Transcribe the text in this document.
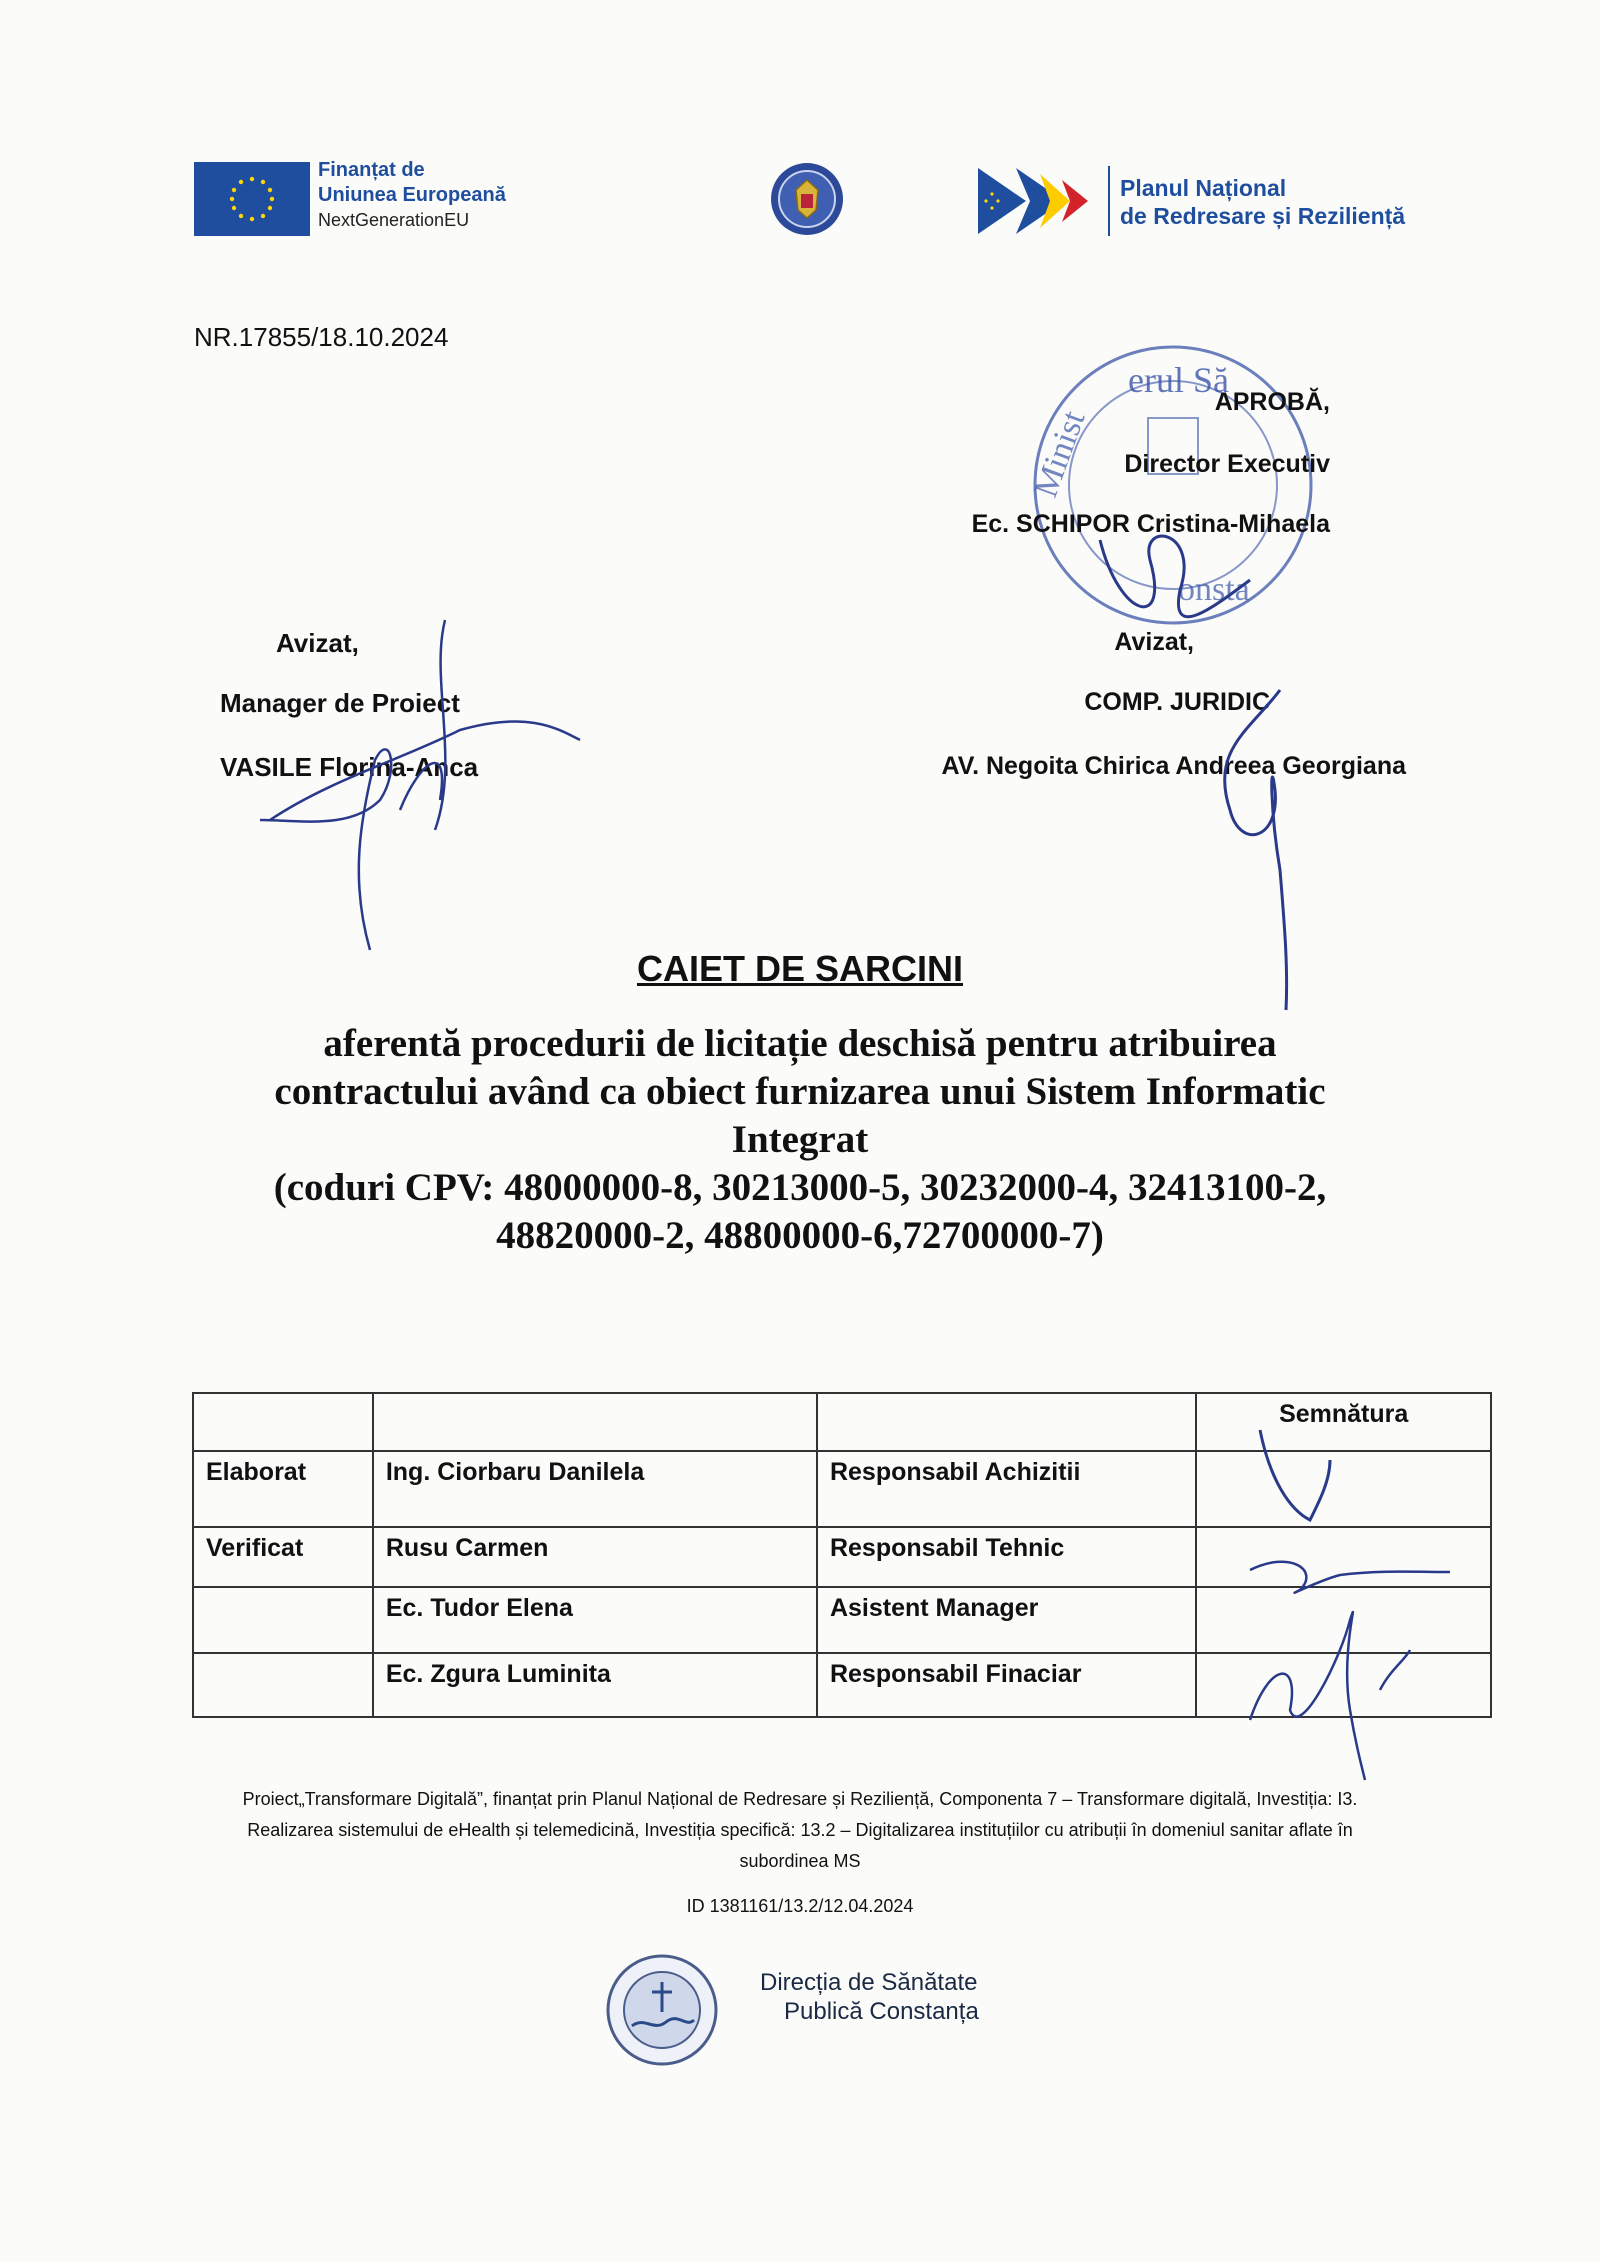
Finanțat de
Uniunea Europeană
NextGenerationEU
Planul Național
de Redresare și Reziliență
NR.17855/18.10.2024
erul Să
Minist
onsta
APROBĂ,
Director Executiv
Ec. SCHIPOR Cristina-Mihaela
Avizat,
Manager de Proiect
VASILE Florina-Anca
Avizat,
COMP. JURIDIC
AV. Negoita Chirica Andreea Georgiana
CAIET DE SARCINI
aferentă procedurii de licitație deschisă pentru atribuirea
contractului având ca obiect furnizarea unui Sistem Informatic
Integrat
(coduri CPV: 48000000-8, 30213000-5, 30232000-4, 32413100-2,
48820000-2, 48800000-6,72700000-7)
			Semnătura
Elaborat	Ing. Ciorbaru Danilela	Responsabil Achizitii	
Verificat	Rusu Carmen	Responsabil Tehnic	
	Ec. Tudor Elena	Asistent Manager	
	Ec. Zgura Luminita	Responsabil Finaciar	
Proiect„Transformare Digitală”, finanțat prin Planul Național de Redresare și Reziliență, Componenta 7 – Transformare digitală, Investiția: I3.
Realizarea sistemului de eHealth și telemedicină, Investiția specifică: 13.2 – Digitalizarea instituțiilor cu atribuții în domeniul sanitar aflate în
subordinea MS
ID 1381161/13.2/12.04.2024
Direcția de Sănătate
Publică Constanța
